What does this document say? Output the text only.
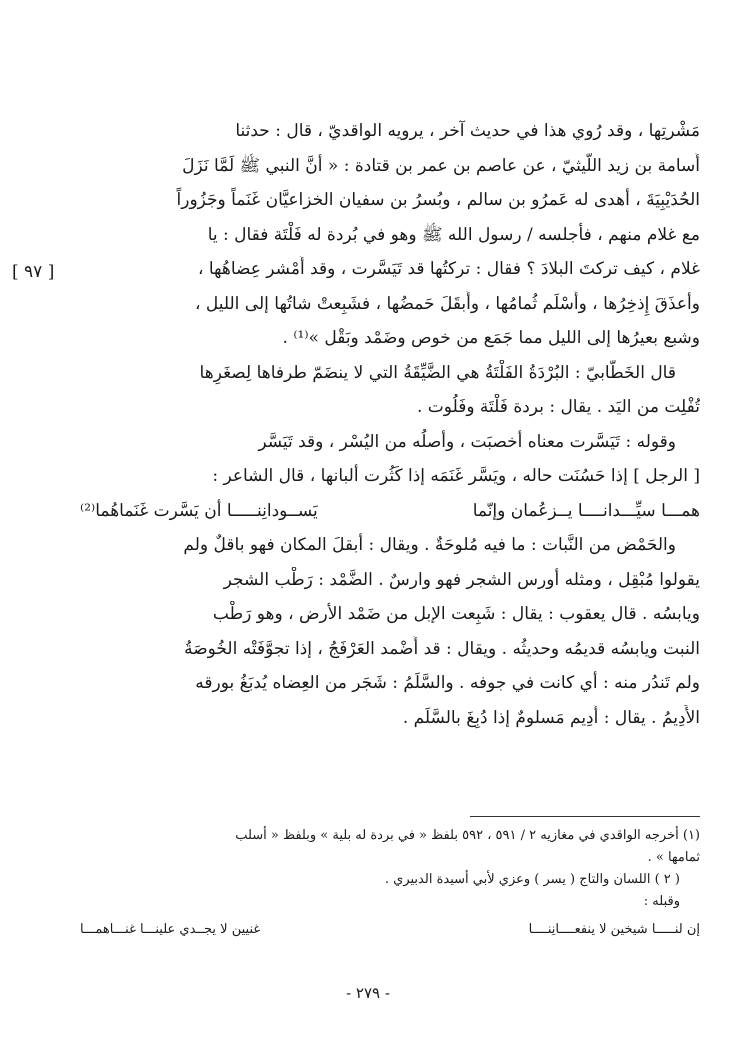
[ ٩٧ ]
مَشْرتِها ، وقد رُوي هذا في حديث آخر ، يرويه الواقديّ ، قال : حدثنا
أُسامة بن زيد اللَّيثيّ ، عن عاصم بن عمر بن قتادة : « أنَّ النبي ﷺ لَمَّا نَزَلَ
الحُدَيْبِيَةَ ، أهدى له عَمرُو بن سالم ، وبُسرُ بن سفيان الخزاعيَّان غَنَماً وجَزُوراً
مع غلام منهم ، فأجلسه / رسول الله ﷺ وهو في بُردة له فَلْتَة فقال : يا
غلام ، كيف تركتَ البلادَ ؟ فقال : تركتُها قد تَيَسَّرت ، وقد أَمْشر عِضاهُها ،
وأعذَقَ إِذخِرُها ، وأَسْلَم ثُمامُها ، وأَبقَلَ حَمضُها ، فشَبِعتْ شاتُها إلى الليل ،
وشبع بعيرُها إلى الليل مما جَمَع من خوص وضَمْد وبَقْل »⁽¹⁾ .
قال الخَطّابيّ : البُرْدَةُ الفَلْتَةُ هي الضَّيِّقَةُ التي لا ينضَمّ طرفاها لِصغَرِها
تُفْلِت من اليَد . يقال : بردة فَلْتَة وفَلُوت .
وقوله : تَيَسَّرت معناه أخصبَت ، وأصلُه من اليُسْر ، وقد تَيَسَّر
[ الرجل ] إذا حَسُنَت حاله ، ويَسَّر غَنَمَه إذا كَثُرت ألبانها ، قال الشاعر :
همـــا سيِّـــدانــــا يــزعُمان وإنّما
يَســودانِنـــــا أن يَسَّرت غَنَماهُما⁽²⁾
والحَمْض من النَّبات : ما فيه مُلوحَةٌ . ويقال : أبقلَ المكان فهو باقلٌ ولم
يقولوا مُبْقِل ، ومثله أورس الشجر فهو وارسٌ . الضَّمْد : رَطْب الشجر
ويابسُه . قال يعقوب : يقال : شَبِعت الإبل من ضَمْد الأرض ، وهو رَطْب
النبت ويابسُه قديمُه وحديثُه . ويقال : قد أَضْمد العَرْفَجُ ، إذا تجوَّفَتْه الخُوصَةُ
ولم تَندُر منه : أي كانت في جوفه . والسَّلَمُ : شَجَر من العِضاه يُدبَغُ بورقه
الأَدِيمُ . يقال : أَدِيم مَسلومٌ إذا دُبِغَ بالسَّلَم .
(١) أخرجه الواقدي في مغازيه ٢ / ٥٩١ ، ٥٩٢ بلفظ « في بردة له بلية » وبلفظ « أسلب
ثمامها » .
( ٢ ) اللسان والتاج ( يسر ) وعزي لأبي أسيدة الدبيري .
وقبله :
إن لنـــــا شيخين لا ينفعــــانِنــــا
غنيين لا يجــدي علينـــا غنـــاهمـــا
- ٢٧٩ -
